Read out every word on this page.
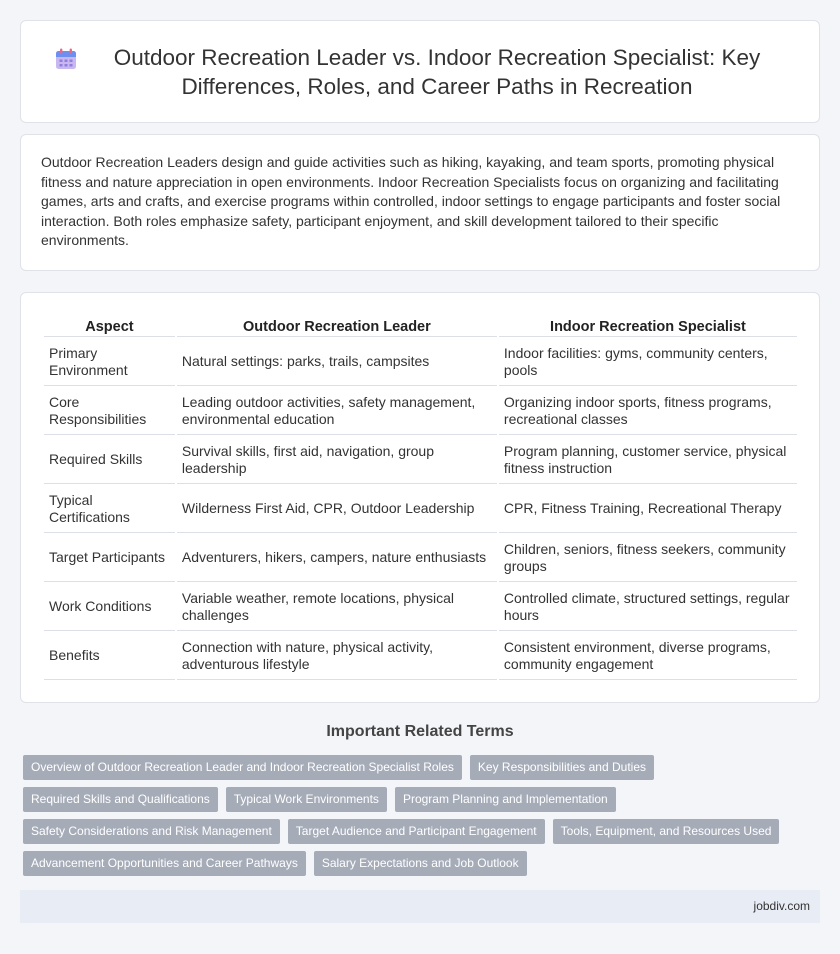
Outdoor Recreation Leader vs. Indoor Recreation Specialist: Key Differences, Roles, and Career Paths in Recreation

Outdoor Recreation Leaders design and guide activities such as hiking, kayaking, and team sports, promoting physical fitness and nature appreciation in open environments. Indoor Recreation Specialists focus on organizing and facilitating games, arts and crafts, and exercise programs within controlled, indoor settings to engage participants and foster social interaction. Both roles emphasize safety, participant enjoyment, and skill development tailored to their specific environments.

Aspect	Outdoor Recreation Leader	Indoor Recreation Specialist
Primary Environment	Natural settings: parks, trails, campsites	Indoor facilities: gyms, community centers, pools
Core Responsibilities	Leading outdoor activities, safety management, environmental education	Organizing indoor sports, fitness programs, recreational classes
Required Skills	Survival skills, first aid, navigation, group leadership	Program planning, customer service, physical fitness instruction
Typical Certifications	Wilderness First Aid, CPR, Outdoor Leadership	CPR, Fitness Training, Recreational Therapy
Target Participants	Adventurers, hikers, campers, nature enthusiasts	Children, seniors, fitness seekers, community groups
Work Conditions	Variable weather, remote locations, physical challenges	Controlled climate, structured settings, regular hours
Benefits	Connection with nature, physical activity, adventurous lifestyle	Consistent environment, diverse programs, community engagement
Important Related Terms
Overview of Outdoor Recreation Leader and Indoor Recreation Specialist Roles	Key Responsibilities and Duties
Required Skills and Qualifications	Typical Work Environments	Program Planning and Implementation
Safety Considerations and Risk Management	Target Audience and Participant Engagement	Tools, Equipment, and Resources Used
Advancement Opportunities and Career Pathways	Salary Expectations and Job Outlook
jobdiv.com
